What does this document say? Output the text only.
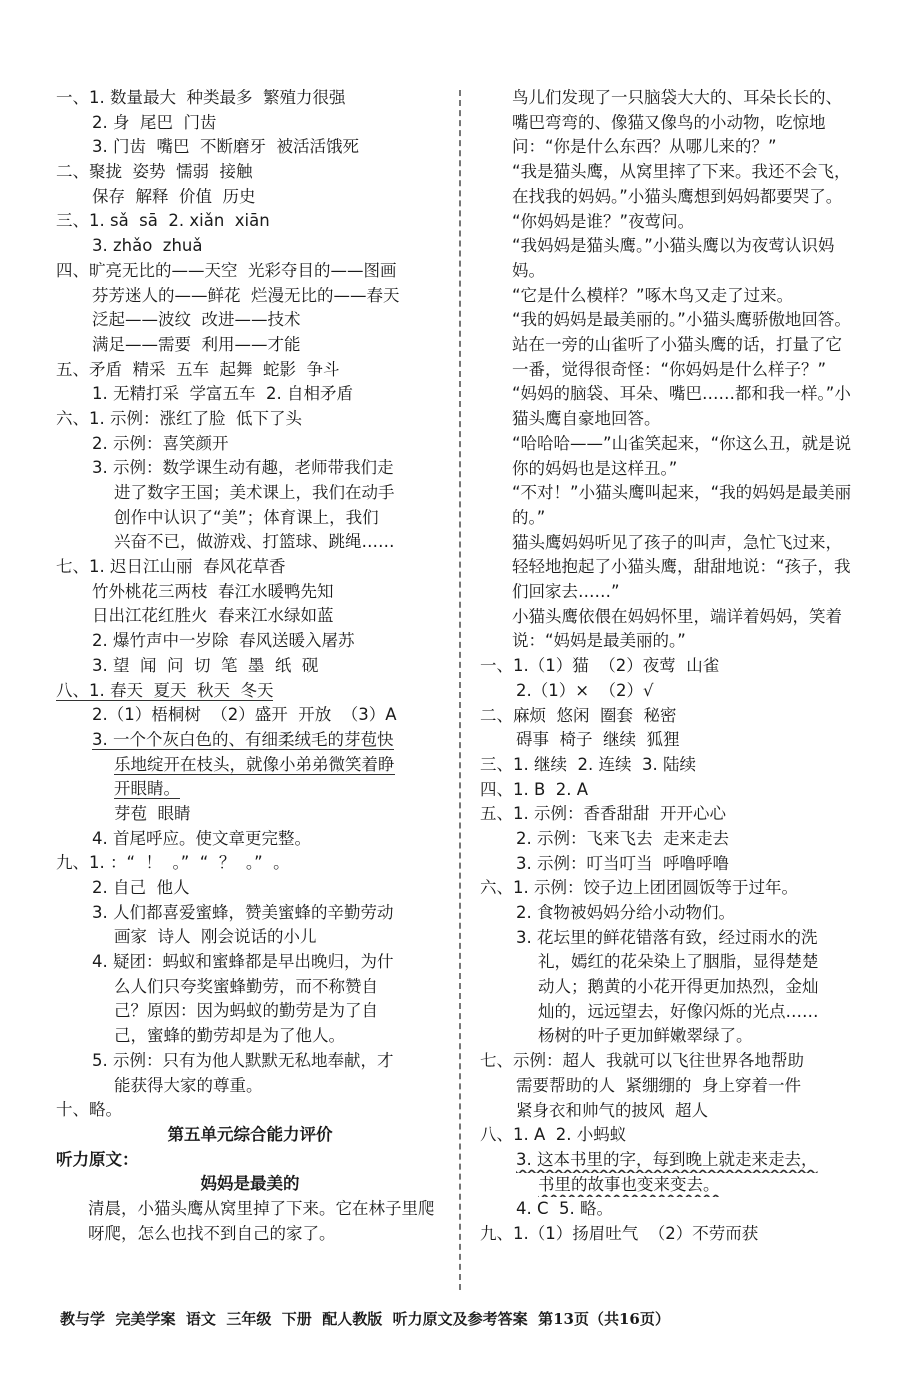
一、1. 数量最大  种类最多  繁殖力很强
2. 身  尾巴  门齿
3. 门齿  嘴巴  不断磨牙  被活活饿死
二、聚拢  姿势  懦弱  接触
保存  解释  价值  历史
三、1. sǎ  sā  2. xiǎn  xiān
3. zhǎo  zhuǎ
四、旷亮无比的——天空  光彩夺目的——图画
芬芳迷人的——鲜花  烂漫无比的——春天
泛起——波纹  改进——技术
满足——需要  利用——才能
五、矛盾  精采  五车  起舞  蛇影  争斗
1. 无精打采  学富五车  2. 自相矛盾
六、1. 示例：涨红了脸  低下了头
2. 示例：喜笑颜开
3. 示例：数学课生动有趣，老师带我们走
进了数字王国；美术课上，我们在动手
创作中认识了“美”；体育课上，我们
兴奋不已，做游戏、打篮球、跳绳……
七、1. 迟日江山丽  春风花草香
竹外桃花三两枝  春江水暖鸭先知
日出江花红胜火  春来江水绿如蓝
2. 爆竹声中一岁除  春风送暖入屠苏
3. 望  闻  问  切  笔  墨  纸  砚
八、1. 春天  夏天  秋天  冬天
2.（1）梧桐树  （2）盛开  开放  （3）A
3. 一个个灰白色的、有细柔绒毛的芽苞快
乐地绽开在枝头，就像小弟弟微笑着睁
开眼睛。
芽苞  眼睛
4. 首尾呼应。使文章更完整。
九、1. ：“  ！  。”  “  ？  。”  。
2. 自己  他人
3. 人们都喜爱蜜蜂，赞美蜜蜂的辛勤劳动
画家  诗人  刚会说话的小儿
4. 疑团：蚂蚁和蜜蜂都是早出晚归，为什
么人们只夸奖蜜蜂勤劳，而不称赞自
己？原因：因为蚂蚁的勤劳是为了自
己，蜜蜂的勤劳却是为了他人。
5. 示例：只有为他人默默无私地奉献，才
能获得大家的尊重。
十、略。
第五单元综合能力评价
听力原文：
妈妈是最美的
清晨，小猫头鹰从窝里掉了下来。它在林子里爬呀爬，怎么也找不到自己的家了。
鸟儿们发现了一只脑袋大大的、耳朵长长的、嘴巴弯弯的、像猫又像鸟的小动物，吃惊地问：“你是什么东西？从哪儿来的？”
“我是猫头鹰，从窝里摔了下来。我还不会飞，在找我的妈妈。”小猫头鹰想到妈妈都要哭了。
“你妈妈是谁？”夜莺问。
“我妈妈是猫头鹰。”小猫头鹰以为夜莺认识妈妈。
“它是什么模样？”啄木鸟又走了过来。
“我的妈妈是最美丽的。”小猫头鹰骄傲地回答。
站在一旁的山雀听了小猫头鹰的话，打量了它一番，觉得很奇怪：“你妈妈是什么样子？”
“妈妈的脑袋、耳朵、嘴巴……都和我一样。”小猫头鹰自豪地回答。
“哈哈哈——”山雀笑起来，“你这么丑，就是说你的妈妈也是这样丑。”
“不对！”小猫头鹰叫起来，“我的妈妈是最美丽的。”
猫头鹰妈妈听见了孩子的叫声，急忙飞过来，轻轻地抱起了小猫头鹰，甜甜地说：“孩子，我们回家去……”
小猫头鹰依偎在妈妈怀里，端详着妈妈，笑着说：“妈妈是最美丽的。”
一、1.（1）猫  （2）夜莺  山雀
2.（1）×  （2）√
二、麻烦  悠闲  圈套  秘密
碍事  椅子  继续  狐狸
三、1. 继续  2. 连续  3. 陆续
四、1. B  2. A
五、1. 示例：香香甜甜  开开心心
2. 示例：飞来飞去  走来走去
3. 示例：叮当叮当  呼噜呼噜
六、1. 示例：饺子边上团团圆饭等于过年。
2. 食物被妈妈分给小动物们。
3. 花坛里的鲜花错落有致，经过雨水的洗
礼，嫣红的花朵染上了胭脂，显得楚楚
动人；鹅黄的小花开得更加热烈，金灿
灿的，远远望去，好像闪烁的光点……
杨树的叶子更加鲜嫩翠绿了。
七、示例：超人  我就可以飞往世界各地帮助
需要帮助的人  紧绷绷的  身上穿着一件
紧身衣和帅气的披风  超人
八、1. A  2. 小蚂蚁
3. 这本书里的字，每到晚上就走来走去，
书里的故事也变来变去。
4. C  5. 略。
九、1.（1）扬眉吐气  （2）不劳而获
教与学  完美学案  语文  三年级  下册  配人教版  听力原文及参考答案  第13页（共16页）
